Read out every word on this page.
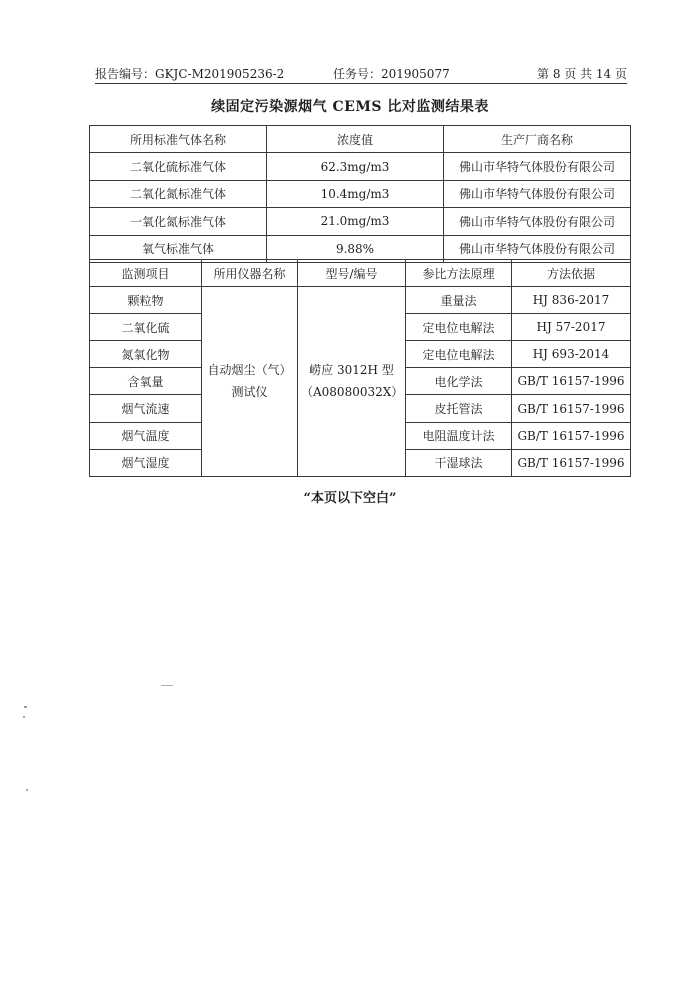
报告编号：GKJC-M201905236-2	任务号：201905077	第 8 页 共 14 页
续固定污染源烟气 CEMS 比对监测结果表
所用标准气体名称	浓度值	生产厂商名称
二氧化硫标准气体	62.3mg/m3	佛山市华特气体股份有限公司
二氧化氮标准气体	10.4mg/m3	佛山市华特气体股份有限公司
一氧化氮标准气体	21.0mg/m3	佛山市华特气体股份有限公司
氧气标准气体	9.88%	佛山市华特气体股份有限公司
监测项目	所用仪器名称	型号/编号	参比方法原理	方法依据
颗粒物	自动烟尘（气）测试仪	崂应 3012H 型（A08080032X）	重量法	HJ 836-2017
二氧化硫			定电位电解法	HJ 57-2017
氮氧化物			定电位电解法	HJ 693-2014
含氧量			电化学法	GB/T 16157-1996
烟气流速			皮托管法	GB/T 16157-1996
烟气温度			电阻温度计法	GB/T 16157-1996
烟气湿度			干湿球法	GB/T 16157-1996
“本页以下空白”
